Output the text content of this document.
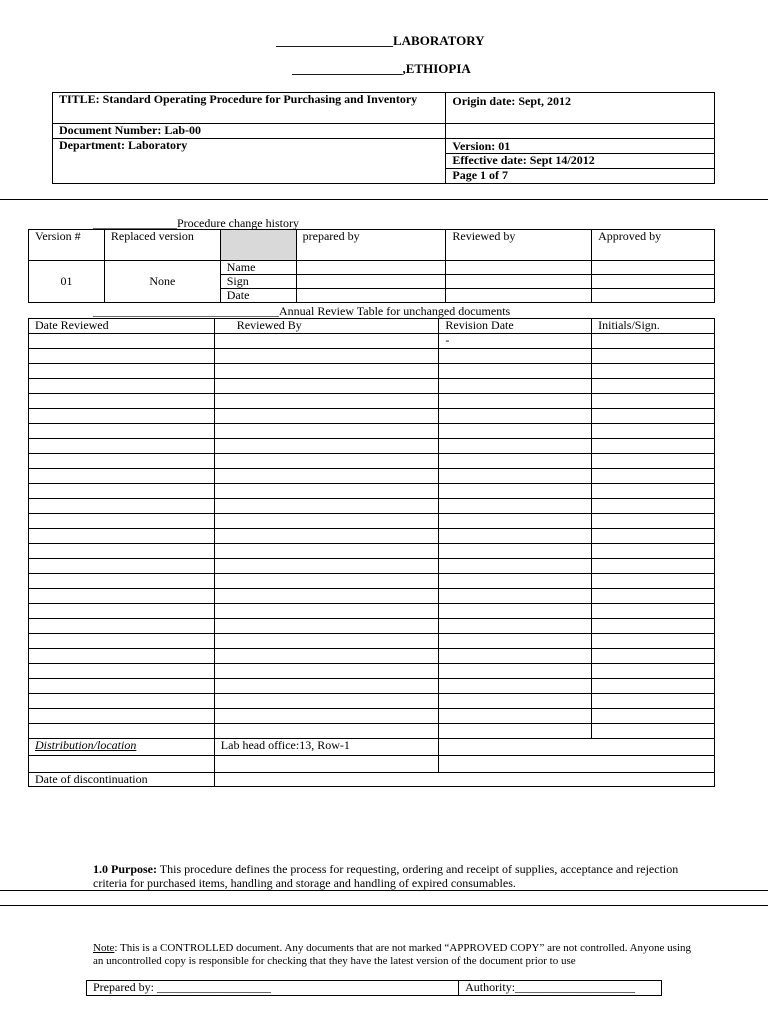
__________________LABORATORY
_________________,ETHIOPIA
TITLE: Standard Operating Procedure for Purchasing and Inventory	Origin date: Sept, 2012
Document Number: Lab-00	
Department: Laboratory	Version: 01
	Effective date: Sept 14/2012
	Page 1 of 7
______________Procedure change history
Version #	Replaced version		prepared by	Reviewed by	Approved by
01	None	Name			
		Sign			
		Date			
_______________________________Annual Review Table for unchanged documents
Date Reviewed	Reviewed By	Revision Date	Initials/Sign.
		-	

Distribution/location	Lab head office:13, Row-1		

Date of discontinuation			
1.0 Purpose: This procedure defines the process for requesting, ordering and receipt of supplies, acceptance and rejection criteria for purchased items, handling and storage and handling of expired consumables.
Note: This is a CONTROLLED document. Any documents that are not marked “APPROVED COPY” are not controlled. Anyone using an uncontrolled copy is responsible for checking that they have the latest version of the document prior to use
Prepared by: ___________________	Authority:____________________
